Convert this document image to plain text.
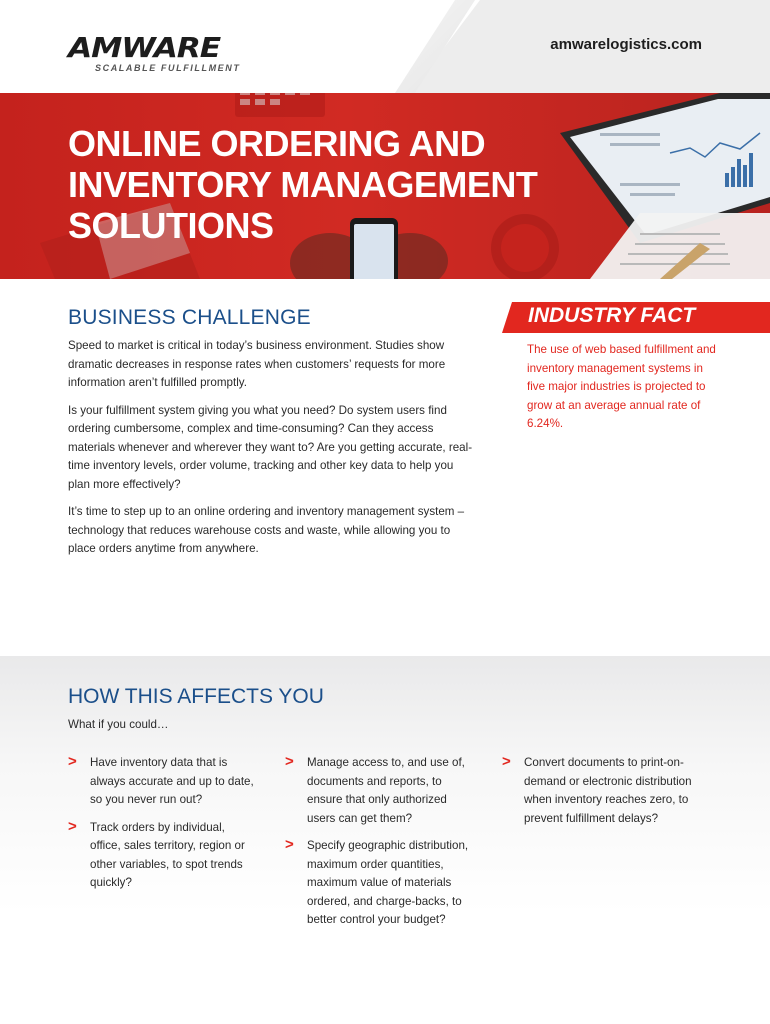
AMWARE
SCALABLE FULFILLMENT
amwarelogistics.com
ONLINE ORDERING AND
INVENTORY MANAGEMENT
SOLUTIONS
BUSINESS CHALLENGE

Speed to market is critical in today’s business environment. Studies show dramatic decreases in response rates when customers’ requests for more information aren’t fulfilled promptly.

Is your fulfillment system giving you what you need? Do system users find ordering cumbersome, complex and time-consuming? Can they access materials whenever and wherever they want to? Are you getting accurate, real-time inventory levels, order volume, tracking and other key data to help you plan more effectively?

It’s time to step up to an online ordering and inventory management system – technology that reduces warehouse costs and waste, while allowing you to place orders anytime from anywhere.

INDUSTRY FACT

The use of web based fulfillment and inventory management systems in five major industries is projected to grow at an average annual rate of 6.24%.

HOW THIS AFFECTS YOU

What if you could…

>	Have inventory data that is always accurate and up to date, so you never run out?
>	Track orders by individual, office, sales territory, region or other variables, to spot trends quickly?
>	Manage access to, and use of, documents and reports, to ensure that only authorized users can get them?
>	Specify geographic distribution, maximum order quantities, maximum value of materials ordered, and charge-backs, to better control your budget?
>	Convert documents to print-on-demand or electronic distribution when inventory reaches zero, to prevent fulfillment delays?
